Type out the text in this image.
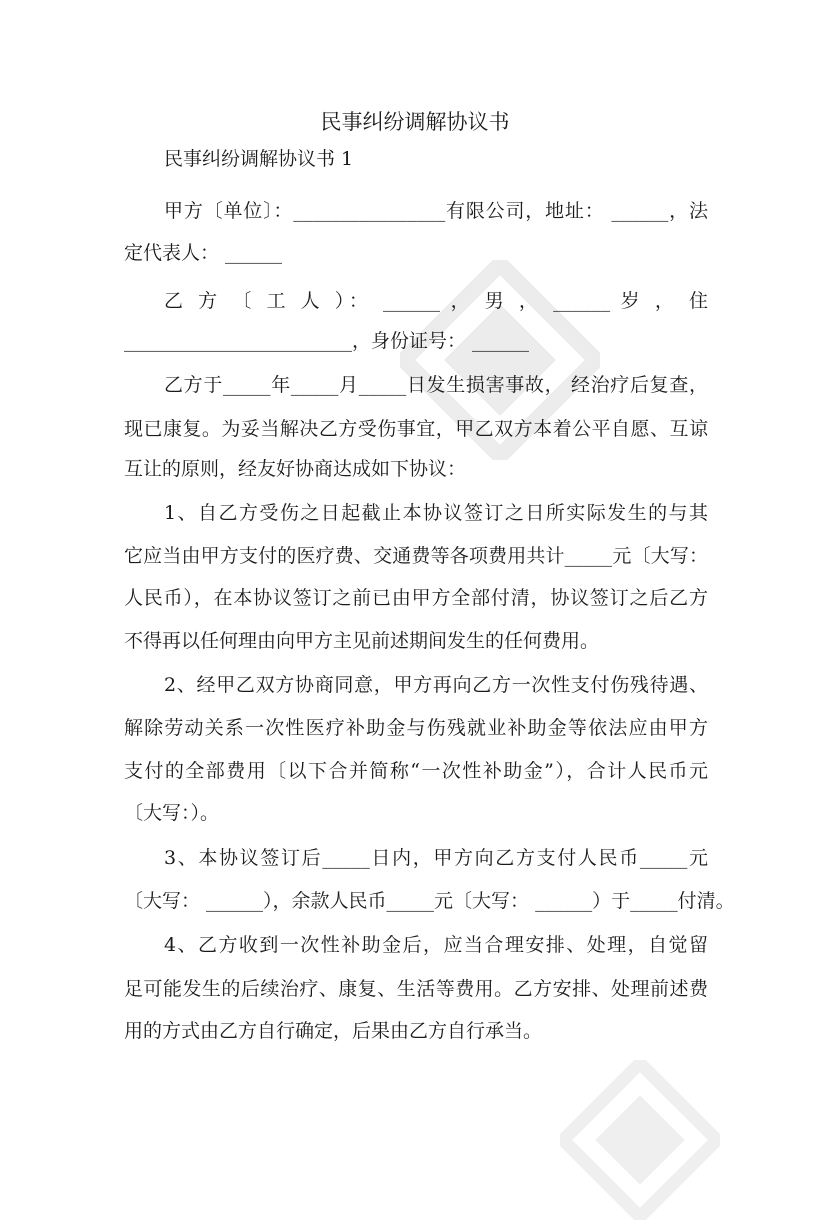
民事纠纷调解协议书
民事纠纷调解协议书 1
甲方〔单位〕：________________有限公司，地址： ______，法
定代表人： ______
乙 方 〔 工 人 ）： ______ ， 男 ， ______ 岁 ， 住
________________________，身份证号： ______
乙方于_____年_____月_____日发生损害事故， 经治疗后复查，
现已康复。为妥当解决乙方受伤事宜，甲乙双方本着公平自愿、互谅
互让的原则，经友好协商达成如下协议：
1、自乙方受伤之日起截止本协议签订之日所实际发生的与其
它应当由甲方支付的医疗费、交通费等各项费用共计_____元〔大写：
人民币），在本协议签订之前已由甲方全部付清，协议签订之后乙方
不得再以任何理由向甲方主见前述期间发生的任何费用。
2、经甲乙双方协商同意，甲方再向乙方一次性支付伤残待遇、
解除劳动关系一次性医疗补助金与伤残就业补助金等依法应由甲方
支付的全部费用〔以下合并简称“一次性补助金”），合计人民币元
〔大写：）。
3、本协议签订后_____日内，甲方向乙方支付人民币_____元
〔大写： ______），余款人民币_____元〔大写： ______）于_____付清。
4、乙方收到一次性补助金后，应当合理安排、处理，自觉留
足可能发生的后续治疗、康复、生活等费用。乙方安排、处理前述费
用的方式由乙方自行确定，后果由乙方自行承当。
